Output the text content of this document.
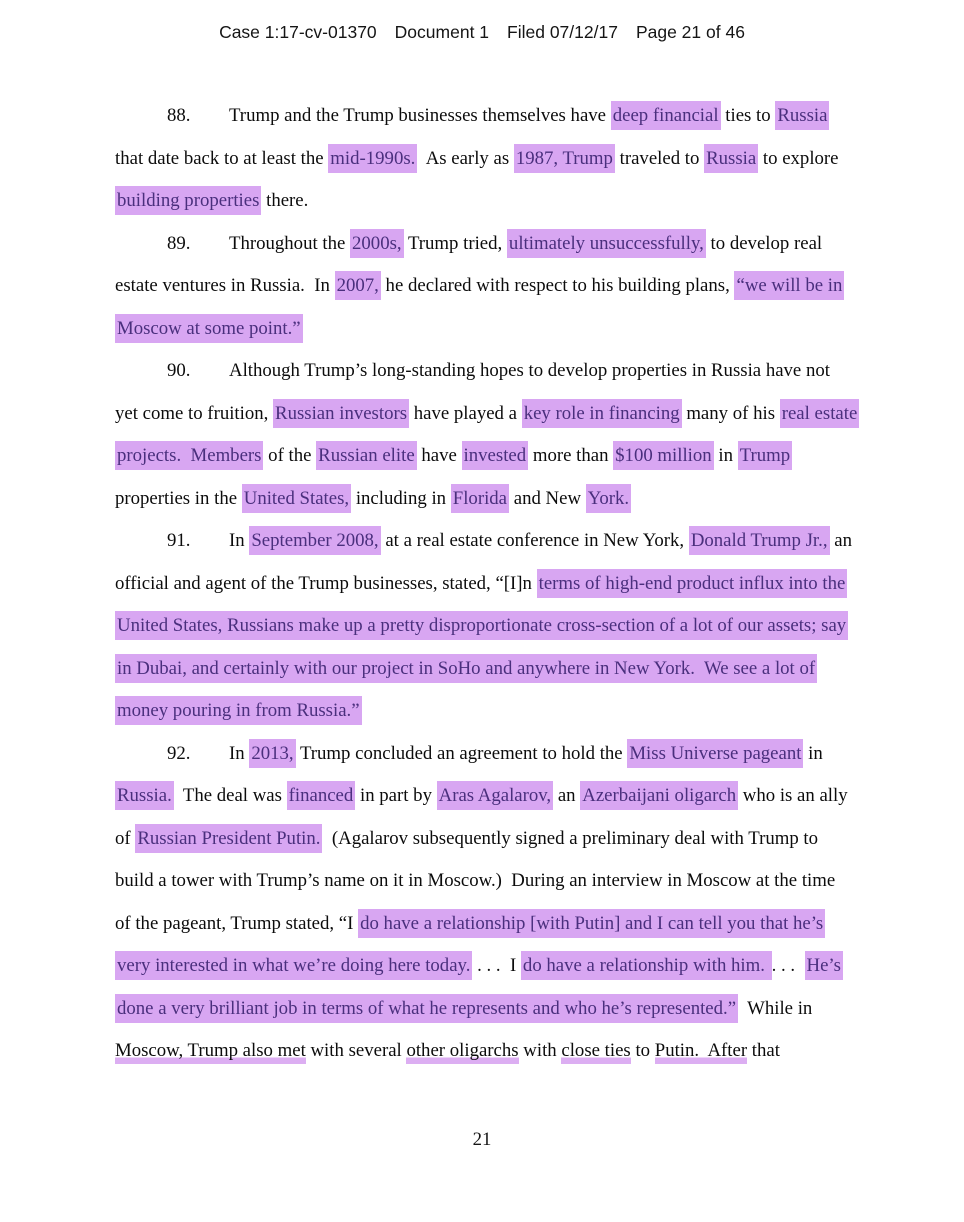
Case 1:17-cv-01370 Document 1 Filed 07/12/17 Page 21 of 46
88. Trump and the Trump businesses themselves have deep financial ties to Russia
that date back to at least the mid-1990s.  As early as 1987, Trump traveled to Russia to explore
building properties there.
89. Throughout the 2000s, Trump tried, ultimately unsuccessfully, to develop real
estate ventures in Russia.  In 2007, he declared with respect to his building plans, “we will be in
Moscow at some point.”
90. Although Trump’s long-standing hopes to develop properties in Russia have not
yet come to fruition, Russian investors have played a key role in financing many of his real estate
projects.  Members of the Russian elite have invested more than $100 million in Trump
properties in the United States, including in Florida and New York.
91. In September 2008, at a real estate conference in New York, Donald Trump Jr., an
official and agent of the Trump businesses, stated, “[I]n terms of high-end product influx into the
United States, Russians make up a pretty disproportionate cross-section of a lot of our assets; say
in Dubai, and certainly with our project in SoHo and anywhere in New York.  We see a lot of
money pouring in from Russia.”
92. In 2013, Trump concluded an agreement to hold the Miss Universe pageant in
Russia.  The deal was financed in part by Aras Agalarov, an Azerbaijani oligarch who is an ally
of Russian President Putin.  (Agalarov subsequently signed a preliminary deal with Trump to
build a tower with Trump’s name on it in Moscow.)  During an interview in Moscow at the time
of the pageant, Trump stated, “I do have a relationship [with Putin] and I can tell you that he’s
very interested in what we’re doing here today. . . .  I do have a relationship with him. . . .  He’s
done a very brilliant job in terms of what he represents and who he’s represented.”  While in
Moscow, Trump also met with several other oligarchs with close ties to Putin.  After that
21
